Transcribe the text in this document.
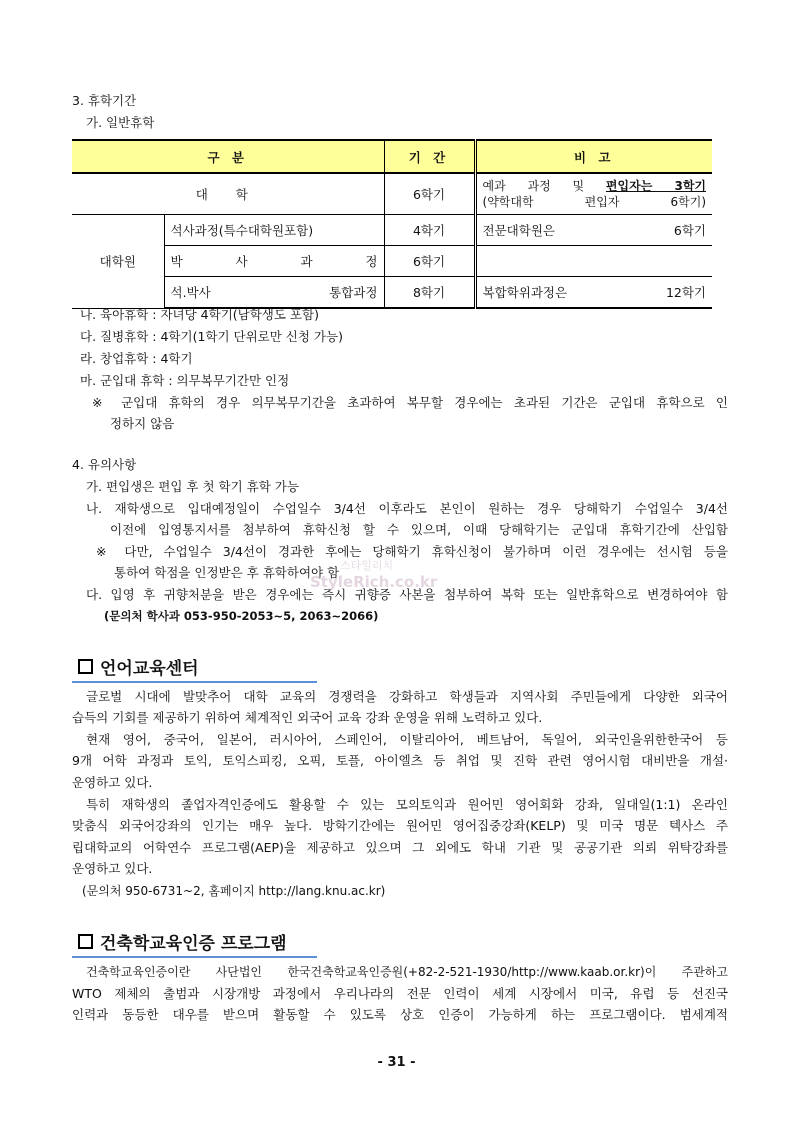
3. 휴학기간
가. 일반휴학
구 분		기 간	비 고
대 학		6학기	예과 과정 및 편입자는 3학기
(약학대학 편입자 6학기)

대학원	석사과정(특수대학원포함)	4학기	전문대학원은 6학기
	박 사 과 정	6학기	
	석.박사 통합과정	8학기	복합학위과정은 12학기
나. 육아휴학 : 자녀당 4학기(남학생도 포함)
다. 질병휴학 : 4학기(1학기 단위로만 신청 가능)
라. 창업휴학 : 4학기
마. 군입대 휴학 : 의무복무기간만 인정
※ 군입대 휴학의 경우 의무복무기간을 초과하여 복무할 경우에는 초과된 기간은 군입대 휴학으로 인
정하지 않음
4. 유의사항
가. 편입생은 편입 후 첫 학기 휴학 가능
나. 재학생으로 입대예정일이 수업일수 3/4선 이후라도 본인이 원하는 경우 당해학기 수업일수 3/4선
이전에 입영통지서를 첨부하여 휴학신청 할 수 있으며, 이때 당해학기는 군입대 휴학기간에 산입함
※ 다만, 수업일수 3/4선이 경과한 후에는 당해학기 휴학신청이 불가하며 이런 경우에는 선시험 등을
통하여 학점을 인정받은 후 휴학하여야 함
다. 입영 후 귀향처분을 받은 경우에는 즉시 귀향증 사본을 첨부하여 복학 또는 일반휴학으로 변경하여야 함
(문의처 학사과 053-950-2053~5, 2063~2066)
스타일리치
StyleRich.co.kr
언어교육센터
글로벌 시대에 발맞추어 대학 교육의 경쟁력을 강화하고 학생들과 지역사회 주민들에게 다양한 외국어
습득의 기회를 제공하기 위하여 체계적인 외국어 교육 강좌 운영을 위해 노력하고 있다.
현재 영어, 중국어, 일본어, 러시아어, 스페인어, 이탈리아어, 베트남어, 독일어, 외국인을위한한국어 등
9개 어학 과정과 토익, 토익스피킹, 오픽, 토플, 아이엘츠 등 취업 및 진학 관련 영어시험 대비반을 개설·
운영하고 있다.
특히 재학생의 졸업자격인증에도 활용할 수 있는 모의토익과 원어민 영어회화 강좌, 일대일(1:1) 온라인
맞춤식 외국어강좌의 인기는 매우 높다. 방학기간에는 원어민 영어집중강좌(KELP) 및 미국 명문 텍사스 주
립대학교의 어학연수 프로그램(AEP)을 제공하고 있으며 그 외에도 학내 기관 및 공공기관 의뢰 위탁강좌를
운영하고 있다.
(문의처 950-6731~2, 홈페이지 http://lang.knu.ac.kr)
건축학교육인증 프로그램
건축학교육인증이란 사단법인 한국건축학교육인증원(+82-2-521-1930/http://www.kaab.or.kr)이 주관하고
WTO 제체의 출범과 시장개방 과정에서 우리나라의 전문 인력이 세계 시장에서 미국, 유럽 등 선진국
인력과 동등한 대우를 받으며 활동할 수 있도록 상호 인증이 가능하게 하는 프로그램이다. 범세계적
- 31 -
